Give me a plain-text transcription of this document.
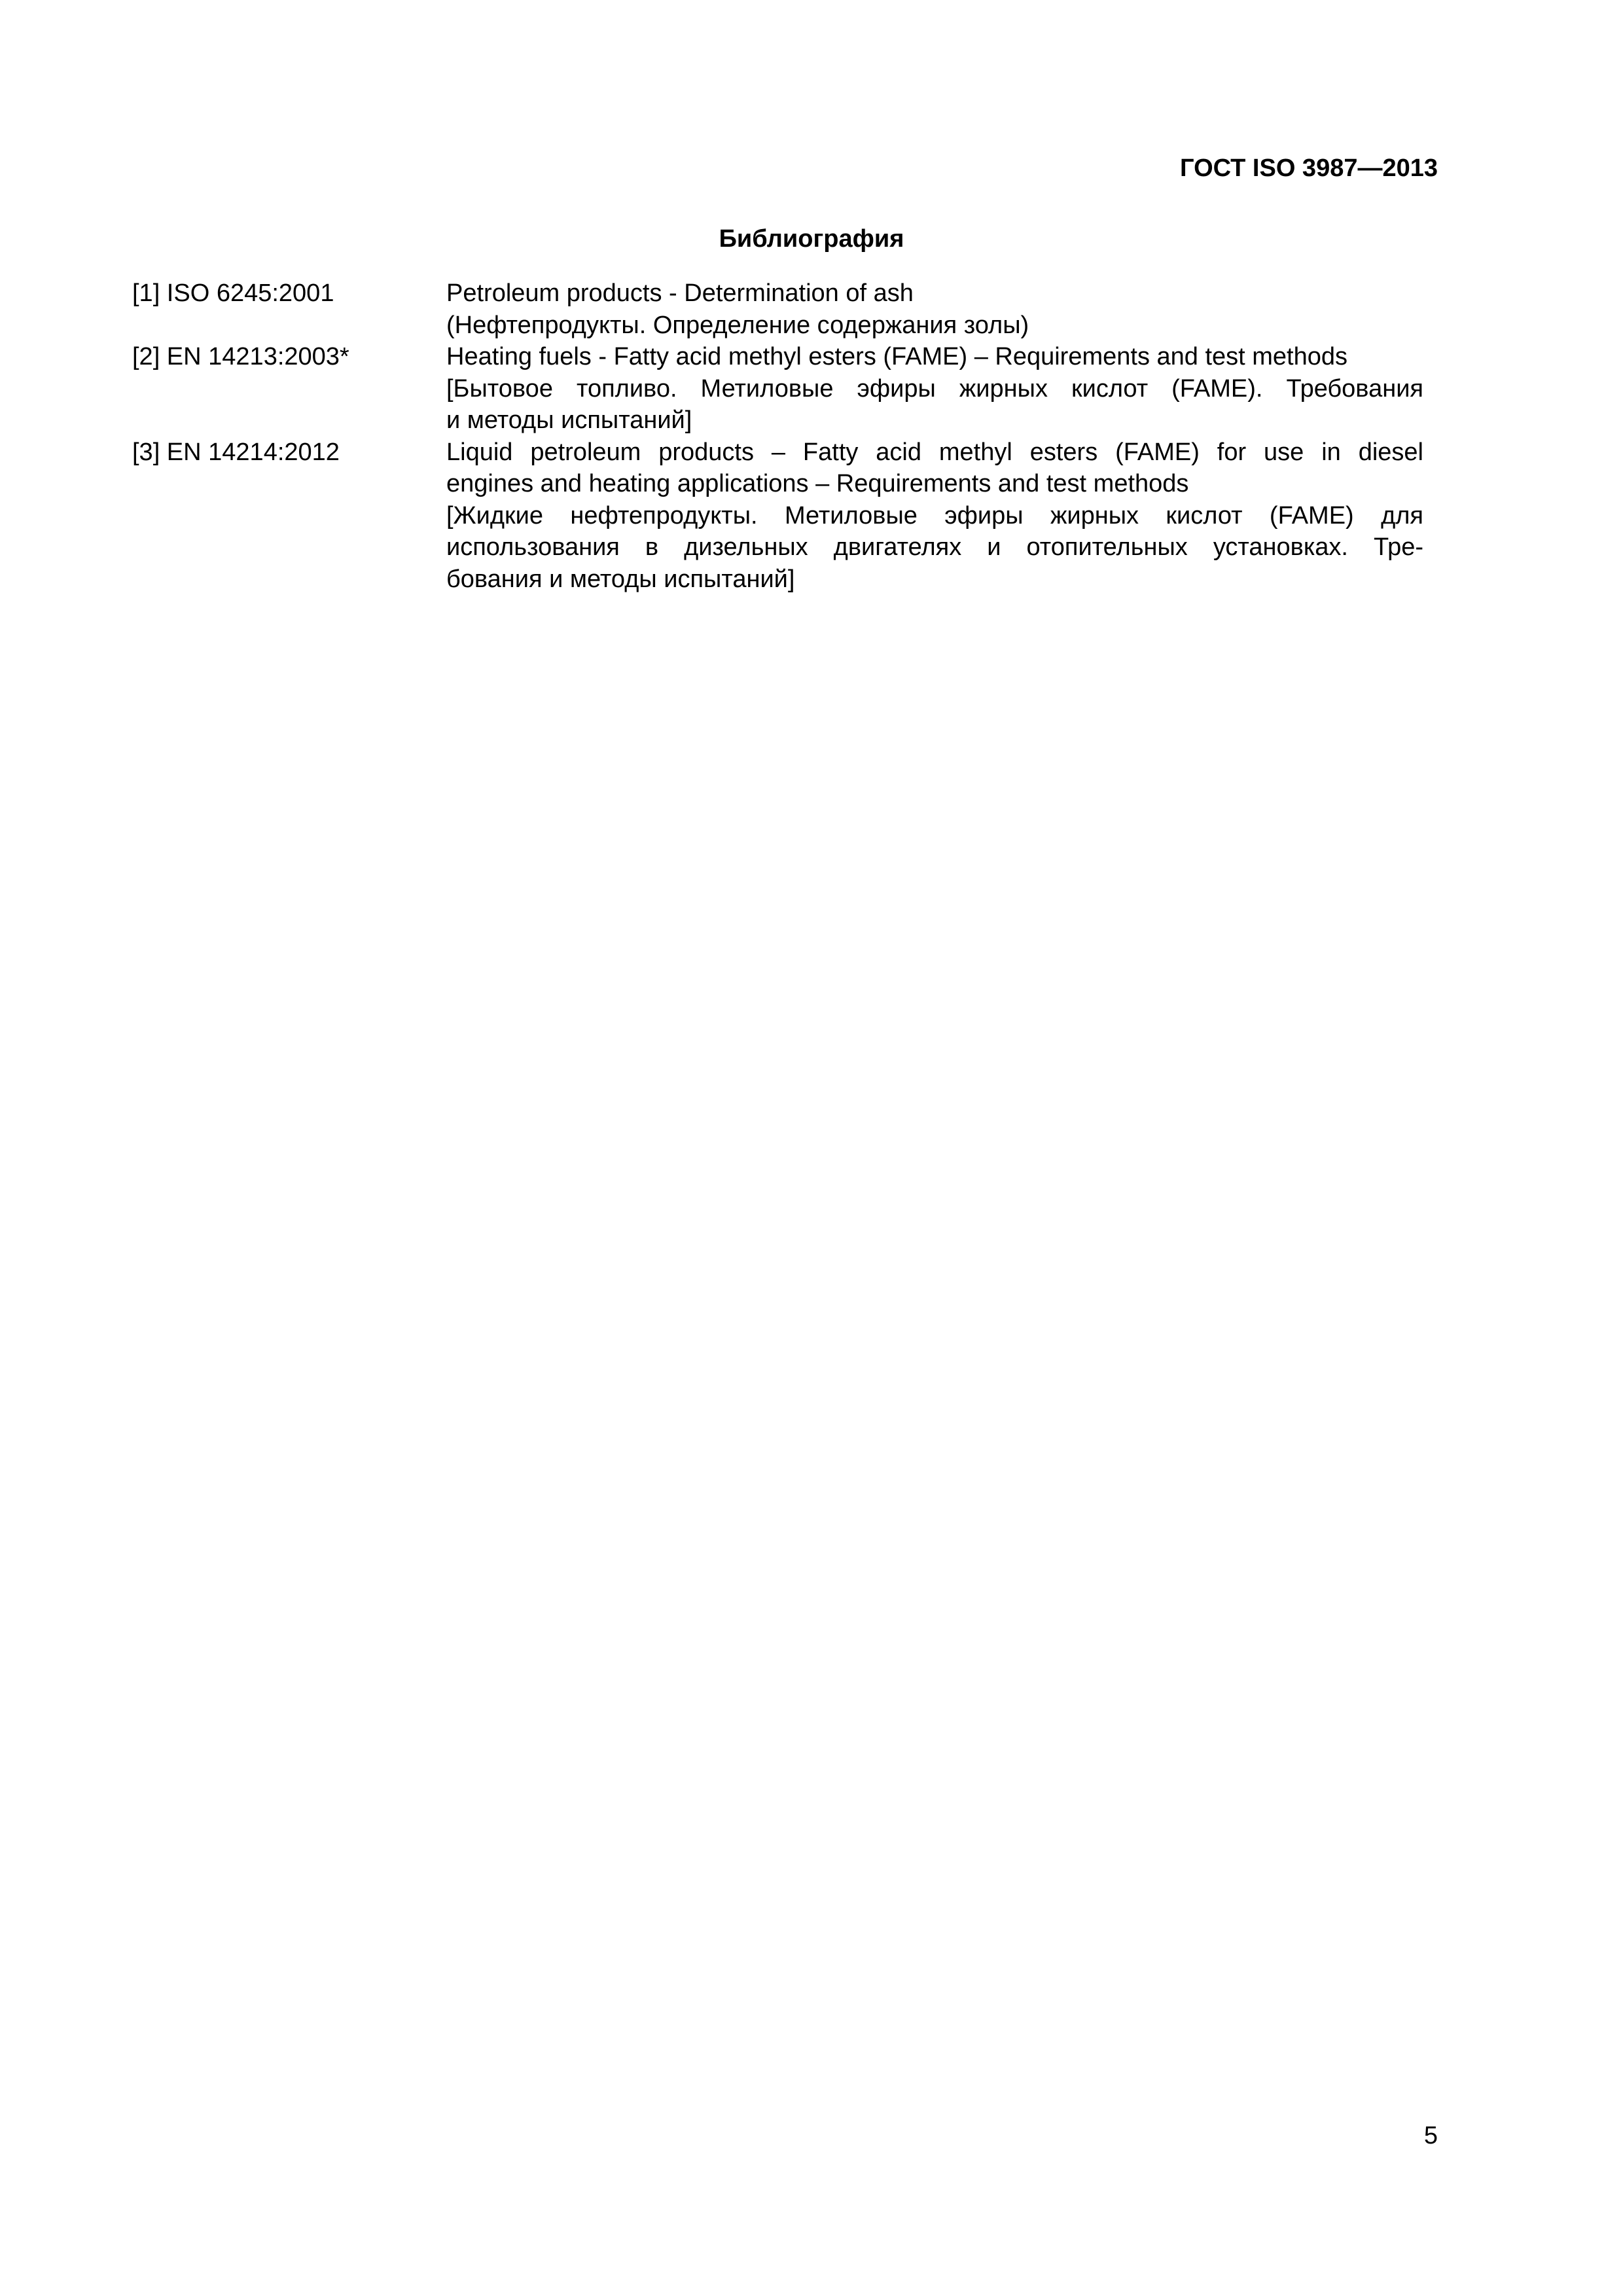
ГОСТ ISO 3987—2013
Библиография
[1] ISO 6245:2001	Petroleum products - Determination of ash
(Нефтепродукты. Определение содержания золы)
[2] EN 14213:2003*	Heating fuels - Fatty acid methyl esters (FAME) – Requirements and test methods
[Бытовое топливо. Метиловые эфиры жирных кислот (FAME). Требования
и методы испытаний]
[3] EN 14214:2012	Liquid petroleum products – Fatty acid methyl esters (FAME) for use in diesel
engines and heating applications – Requirements and test methods
[Жидкие нефтепродукты. Метиловые эфиры жирных кислот (FAME) для
использования в дизельных двигателях и отопительных установках. Тре-
бования и методы испытаний]
5
